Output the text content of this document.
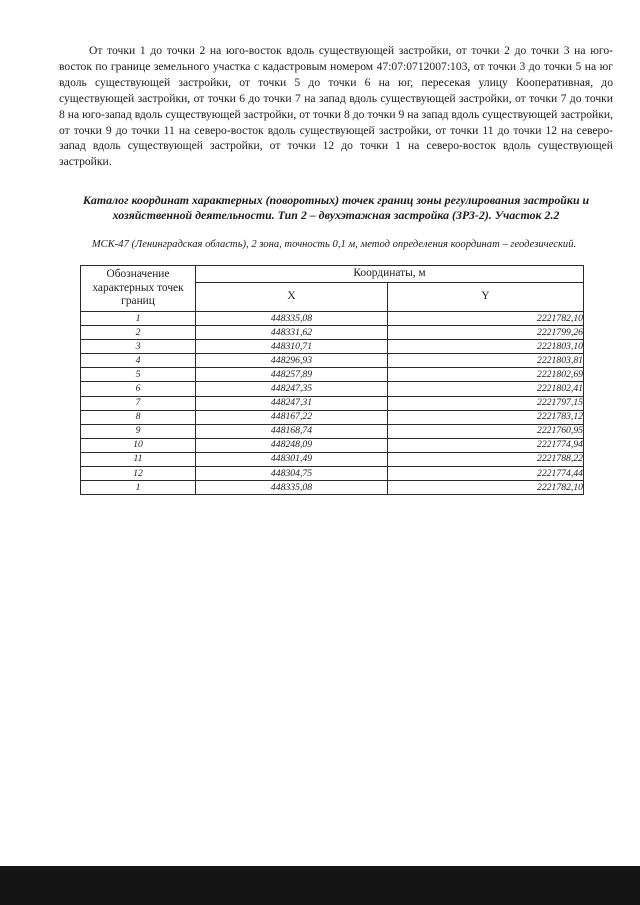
От точки 1 до точки 2 на юго-восток вдоль существующей застройки, от точки 2 до точки 3 на юго-восток по границе земельного участка с кадастровым номером 47:07:0712007:103, от точки 3 до точки 5 на юг вдоль существующей застройки, от точки 5 до точки 6 на юг, пересекая улицу Кооперативная, до существующей застройки, от точки 6 до точки 7 на запад вдоль существующей застройки, от точки 7 до точки 8 на юго-запад вдоль существующей застройки, от точки 8 до точки 9 на запад вдоль существующей застройки, от точки 9 до точки 11 на северо-восток вдоль существующей застройки, от точки 11 до точки 12 на северо-запад вдоль существующей застройки, от точки 12 до точки 1 на северо-восток вдоль существующей застройки.

Каталог координат характерных (поворотных) точек границ зоны регулирования застройки и хозяйственной деятельности. Тип 2 – двухэтажная застройка (ЗРЗ-2). Участок 2.2

МСК-47 (Ленинградская область), 2 зона, точность 0,1 м, метод определения координат – геодезический.

Обозначение характерных точек границ	Координаты, м	
	X	Y
1	448335,08	2221782,10
2	448331,62	2221799,26
3	448310,71	2221803,10
4	448296,93	2221803,81
5	448257,89	2221802,69
6	448247,35	2221802,41
7	448247,31	2221797,15
8	448167,22	2221783,12
9	448168,74	2221760,95
10	448248,09	2221774,94
11	448301,49	2221788,22
12	448304,75	2221774,44
1	448335,08	2221782,10
